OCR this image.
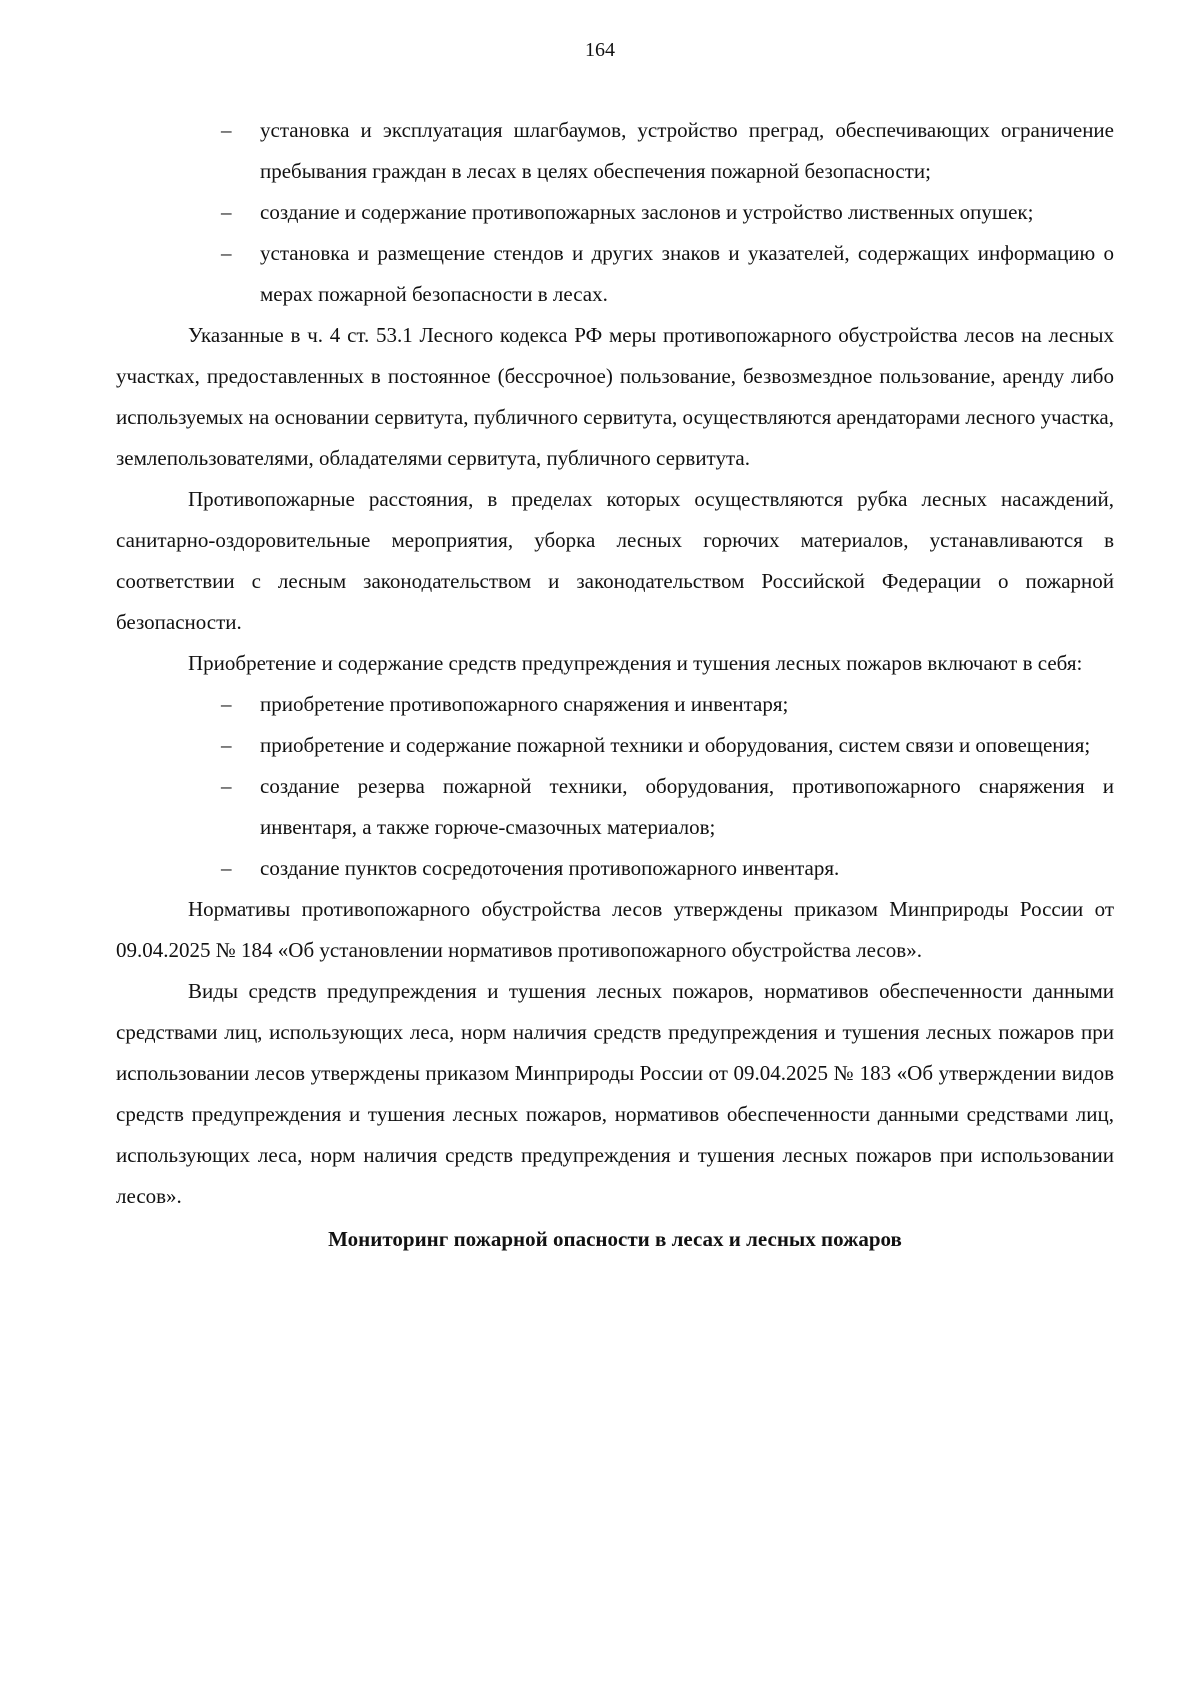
164
– установка и эксплуатация шлагбаумов, устройство преград, обеспечивающих ограничение пребывания граждан в лесах в целях обеспечения пожарной безопасности;
– создание и содержание противопожарных заслонов и устройство лиственных опушек;
– установка и размещение стендов и других знаков и указателей, содержащих информацию о мерах пожарной безопасности в лесах.
Указанные в ч. 4 ст. 53.1 Лесного кодекса РФ меры противопожарного обустройства лесов на лесных участках, предоставленных в постоянное (бессрочное) пользование, безвозмездное пользование, аренду либо используемых на основании сервитута, публичного сервитута, осуществляются арендаторами лесного участка, землепользователями, обладателями сервитута, публичного сервитута.
Противопожарные расстояния, в пределах которых осуществляются рубка лесных насаждений, санитарно-оздоровительные мероприятия, уборка лесных горючих материалов, устанавливаются в соответствии с лесным законодательством и законодательством Российской Федерации о пожарной безопасности.
Приобретение и содержание средств предупреждения и тушения лесных пожаров включают в себя:
– приобретение противопожарного снаряжения и инвентаря;
– приобретение и содержание пожарной техники и оборудования, систем связи и оповещения;
– создание резерва пожарной техники, оборудования, противопожарного снаряжения и инвентаря, а также горюче-смазочных материалов;
– создание пунктов сосредоточения противопожарного инвентаря.
Нормативы противопожарного обустройства лесов утверждены приказом Минприроды России от 09.04.2025 № 184 «Об установлении нормативов противопожарного обустройства лесов».
Виды средств предупреждения и тушения лесных пожаров, нормативов обеспеченности данными средствами лиц, использующих леса, норм наличия средств предупреждения и тушения лесных пожаров при использовании лесов утверждены приказом Минприроды России от 09.04.2025 № 183 «Об утверждении видов средств предупреждения и тушения лесных пожаров, нормативов обеспеченности данными средствами лиц, использующих леса, норм наличия средств предупреждения и тушения лесных пожаров при использовании лесов».
Мониторинг пожарной опасности в лесах и лесных пожаров
